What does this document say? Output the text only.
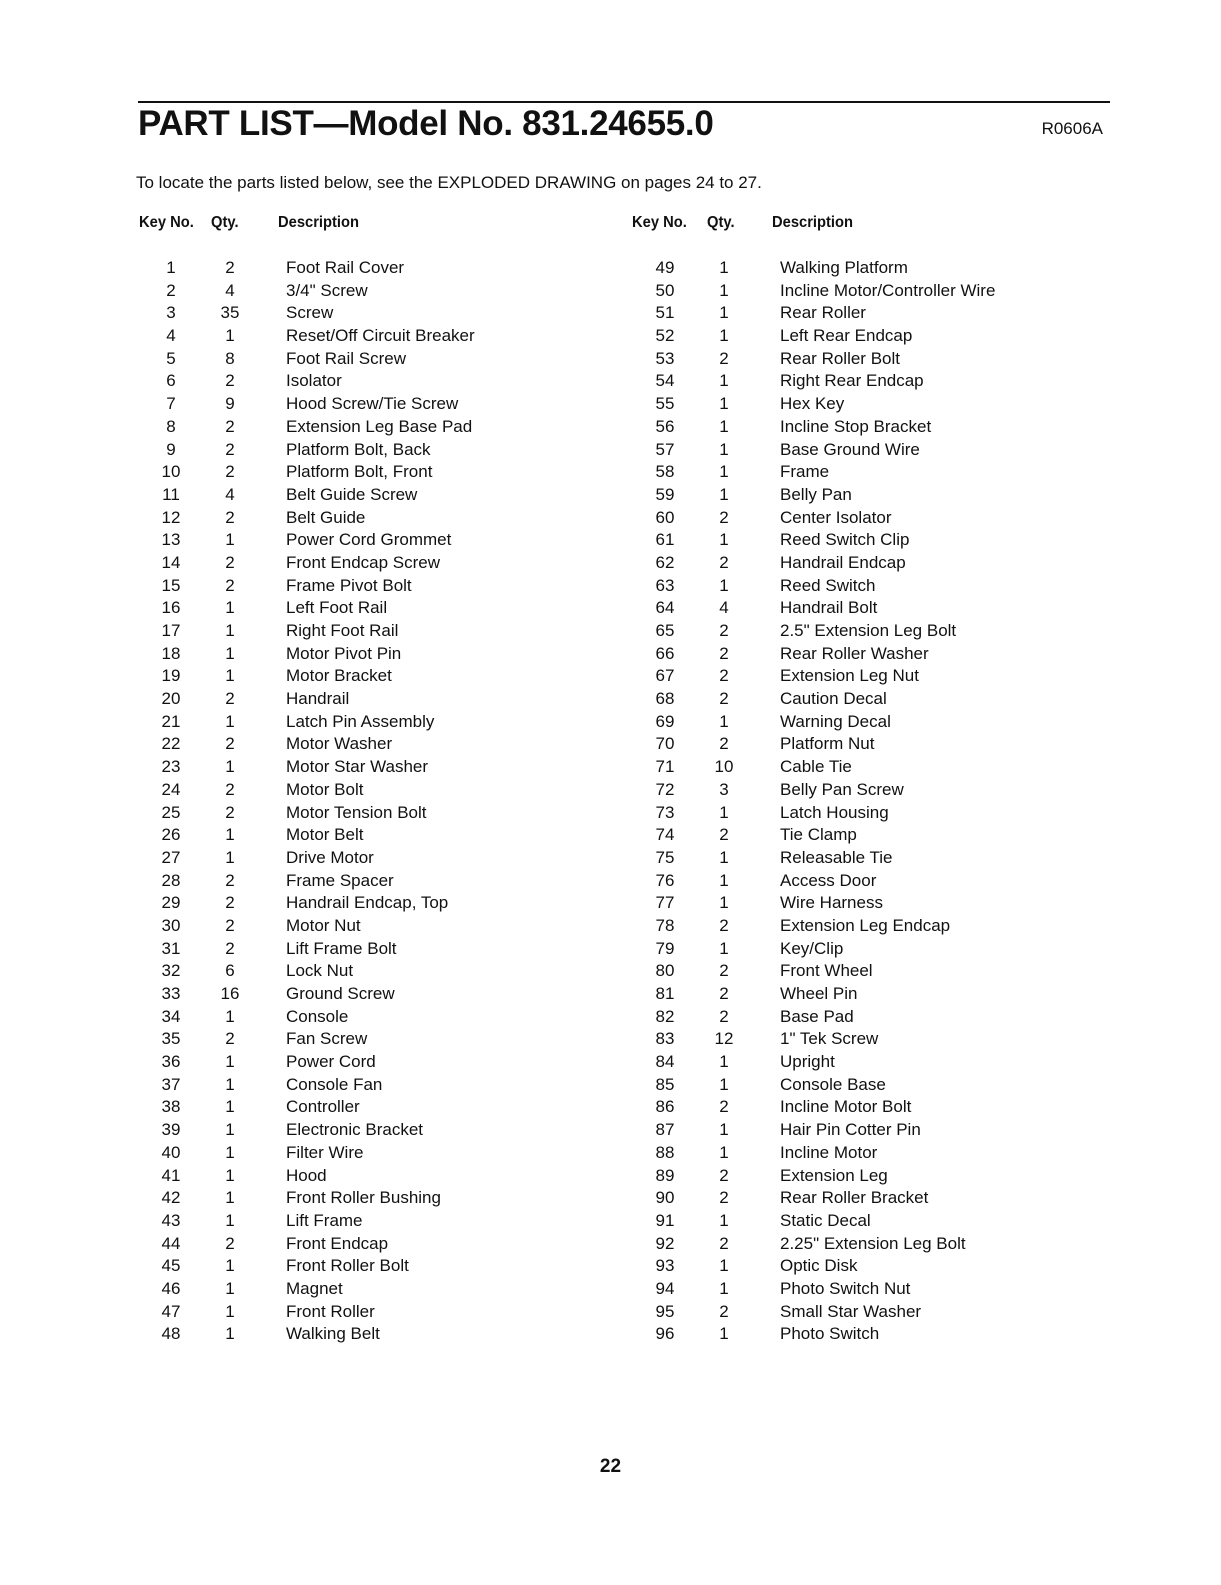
PART LIST—Model No. 831.24655.0	R0606A
To locate the parts listed below, see the EXPLODED DRAWING on pages 24 to 27.
Key No. Qty. Description	Key No. Qty. Description
1	2	Foot Rail Cover
2	4	3/4" Screw
3	35	Screw
4	1	Reset/Off Circuit Breaker
5	8	Foot Rail Screw
6	2	Isolator
7	9	Hood Screw/Tie Screw
8	2	Extension Leg Base Pad
9	2	Platform Bolt, Back
10	2	Platform Bolt, Front
11	4	Belt Guide Screw
12	2	Belt Guide
13	1	Power Cord Grommet
14	2	Front Endcap Screw
15	2	Frame Pivot Bolt
16	1	Left Foot Rail
17	1	Right Foot Rail
18	1	Motor Pivot Pin
19	1	Motor Bracket
20	2	Handrail
21	1	Latch Pin Assembly
22	2	Motor Washer
23	1	Motor Star Washer
24	2	Motor Bolt
25	2	Motor Tension Bolt
26	1	Motor Belt
27	1	Drive Motor
28	2	Frame Spacer
29	2	Handrail Endcap, Top
30	2	Motor Nut
31	2	Lift Frame Bolt
32	6	Lock Nut
33	16	Ground Screw
34	1	Console
35	2	Fan Screw
36	1	Power Cord
37	1	Console Fan
38	1	Controller
39	1	Electronic Bracket
40	1	Filter Wire
41	1	Hood
42	1	Front Roller Bushing
43	1	Lift Frame
44	2	Front Endcap
45	1	Front Roller Bolt
46	1	Magnet
47	1	Front Roller
48	1	Walking Belt
49	1	Walking Platform
50	1	Incline Motor/Controller Wire
51	1	Rear Roller
52	1	Left Rear Endcap
53	2	Rear Roller Bolt
54	1	Right Rear Endcap
55	1	Hex Key
56	1	Incline Stop Bracket
57	1	Base Ground Wire
58	1	Frame
59	1	Belly Pan
60	2	Center Isolator
61	1	Reed Switch Clip
62	2	Handrail Endcap
63	1	Reed Switch
64	4	Handrail Bolt
65	2	2.5" Extension Leg Bolt
66	2	Rear Roller Washer
67	2	Extension Leg Nut
68	2	Caution Decal
69	1	Warning Decal
70	2	Platform Nut
71	10	Cable Tie
72	3	Belly Pan Screw
73	1	Latch Housing
74	2	Tie Clamp
75	1	Releasable Tie
76	1	Access Door
77	1	Wire Harness
78	2	Extension Leg Endcap
79	1	Key/Clip
80	2	Front Wheel
81	2	Wheel Pin
82	2	Base Pad
83	12	1" Tek Screw
84	1	Upright
85	1	Console Base
86	2	Incline Motor Bolt
87	1	Hair Pin Cotter Pin
88	1	Incline Motor
89	2	Extension Leg
90	2	Rear Roller Bracket
91	1	Static Decal
92	2	2.25" Extension Leg Bolt
93	1	Optic Disk
94	1	Photo Switch Nut
95	2	Small Star Washer
96	1	Photo Switch
22
